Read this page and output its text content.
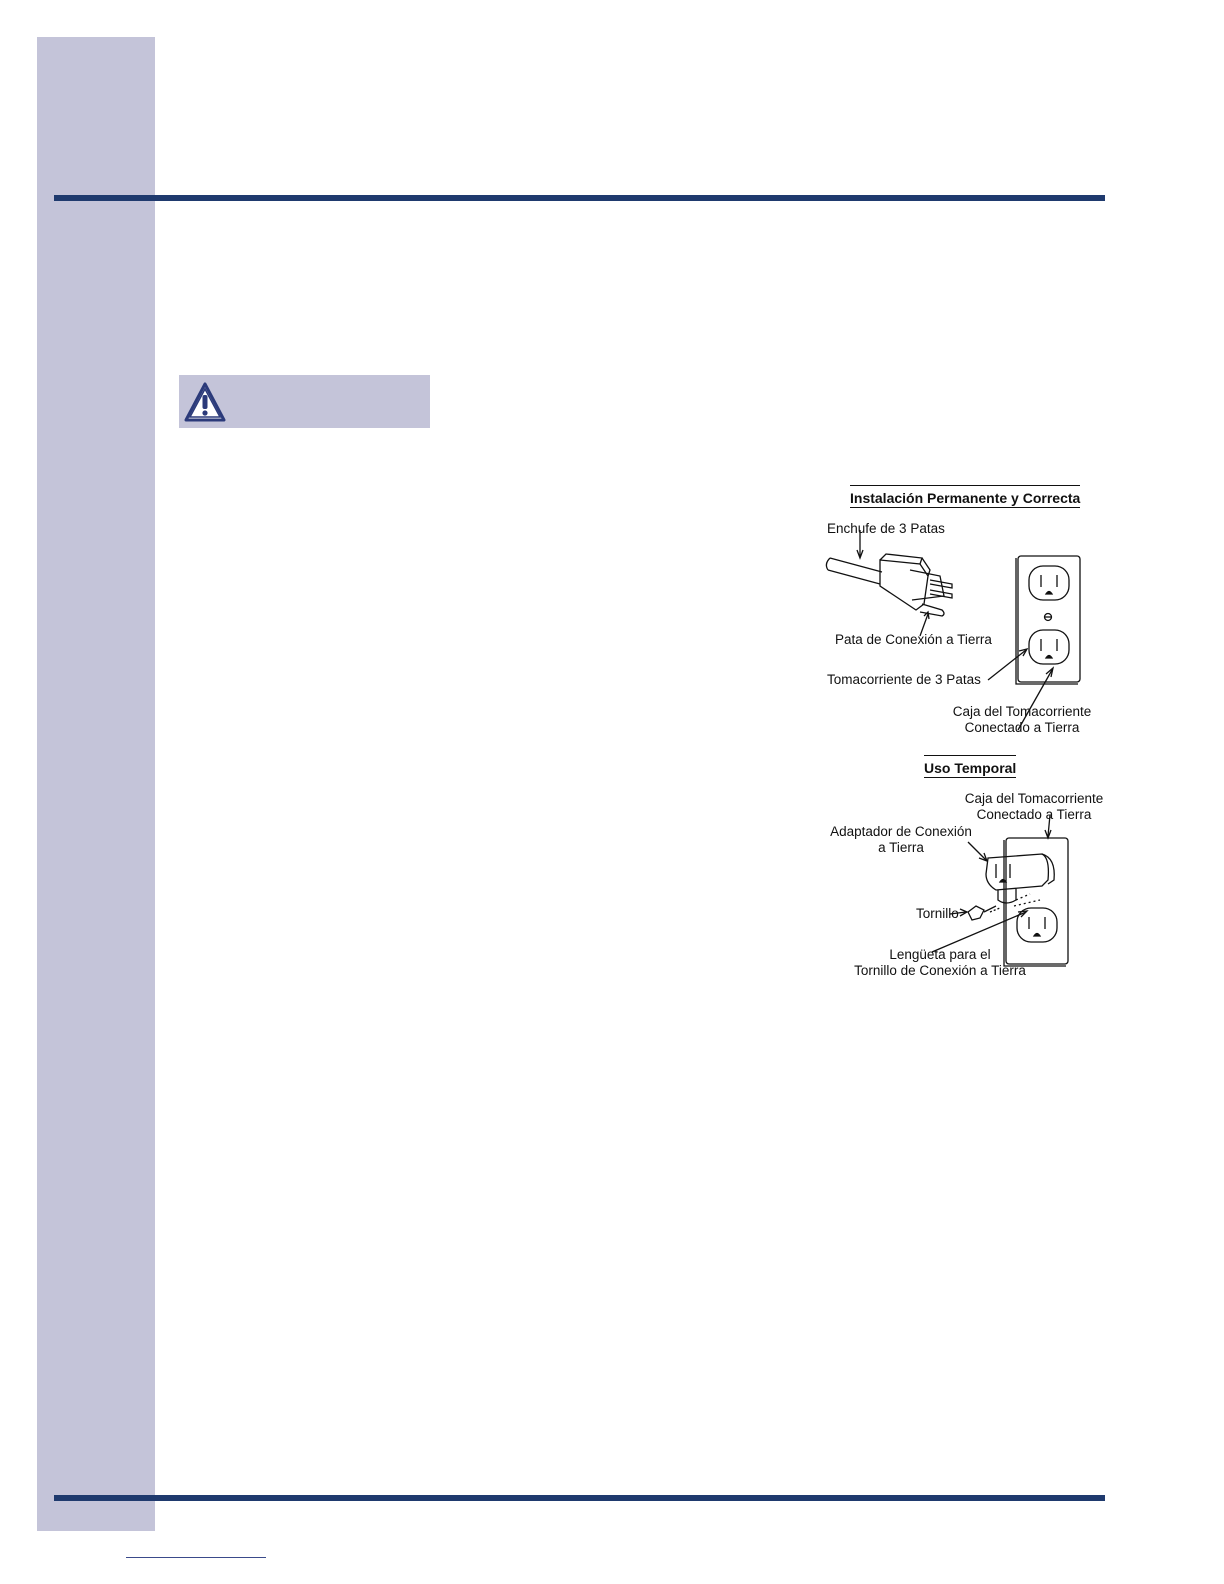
Instalación Permanente y Correcta
Enchufe de 3 Patas
Pata de Conexión a Tierra
Tomacorriente de 3 Patas
Caja del Tomacorriente
Conectado a Tierra
Uso Temporal
Caja del Tomacorriente
Conectado a Tierra
Adaptador de Conexión
a Tierra
Tornillo
Lengüeta para el
Tornillo de Conexión a Tierra
